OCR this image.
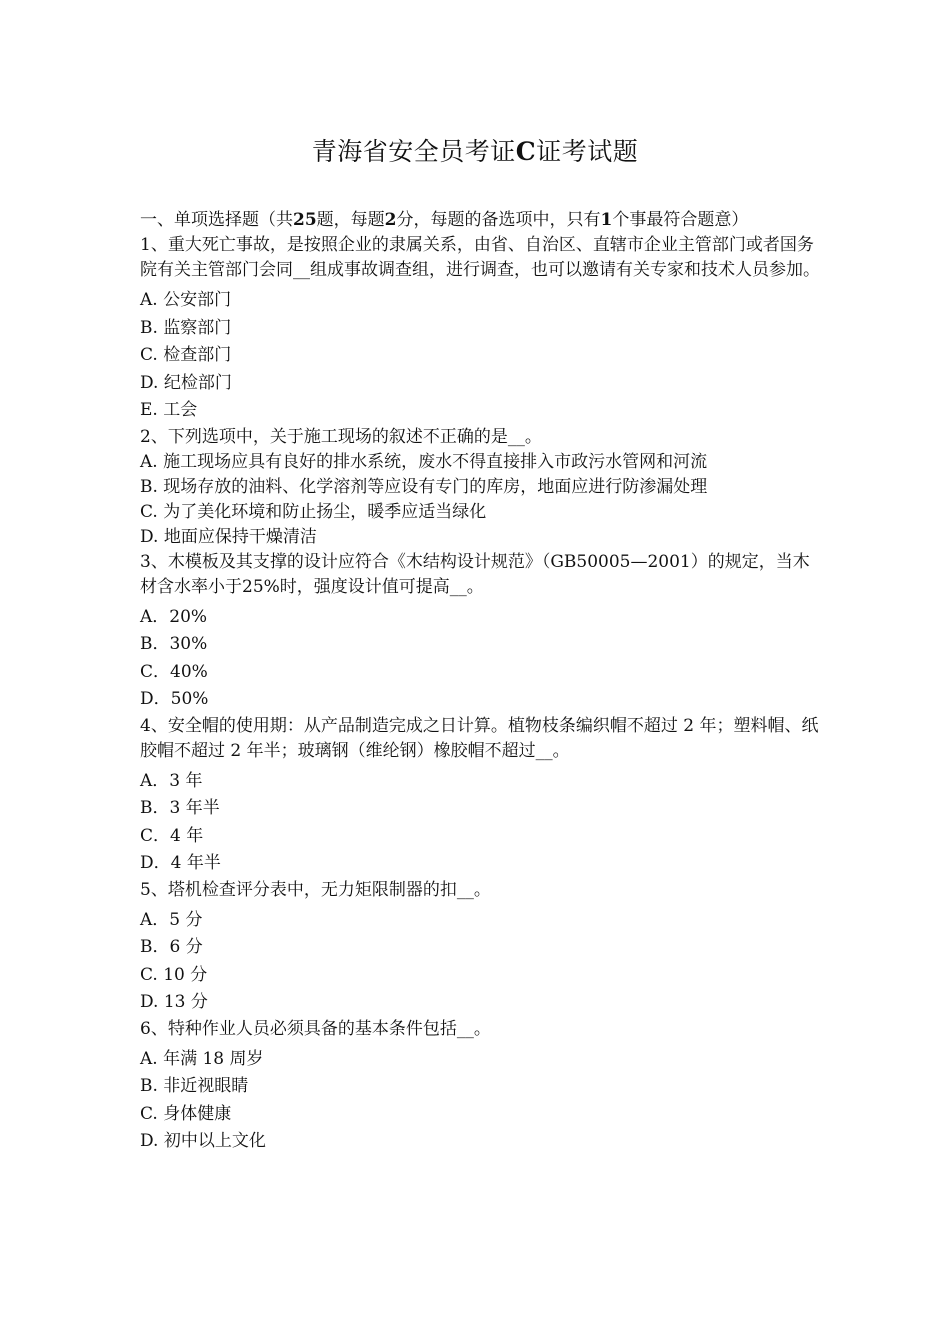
青海省安全员考证C证考试题

一、单项选择题（共25题，每题2分，每题的备选项中，只有1个事最符合题意）

1、重大死亡事故，是按照企业的隶属关系，由省、自治区、直辖市企业主管部门或者国务院有关主管部门会同__组成事故调查组，进行调查，也可以邀请有关专家和技术人员参加。

A. 公安部门

B. 监察部门

C. 检查部门

D. 纪检部门

E. 工会

2、下列选项中，关于施工现场的叙述不正确的是__。

A. 施工现场应具有良好的排水系统，废水不得直接排入市政污水管网和河流

B. 现场存放的油料、化学溶剂等应设有专门的库房，地面应进行防渗漏处理

C. 为了美化环境和防止扬尘，暖季应适当绿化

D. 地面应保持干燥清洁

3、木模板及其支撑的设计应符合《木结构设计规范》（GB50005—2001）的规定，当木材含水率小于25%时，强度设计值可提高__。

A．20%

B．30%

C．40%

D．50%

4、安全帽的使用期：从产品制造完成之日计算。植物枝条编织帽不超过 2 年；塑料帽、纸胶帽不超过 2 年半；玻璃钢（维纶钢）橡胶帽不超过__。

A．3 年

B．3 年半

C．4 年

D．4 年半

5、塔机检查评分表中，无力矩限制器的扣__。

A．5 分

B．6 分

C. 10 分

D. 13 分

6、特种作业人员必须具备的基本条件包括__。

A. 年满 18 周岁

B. 非近视眼睛

C. 身体健康

D. 初中以上文化
